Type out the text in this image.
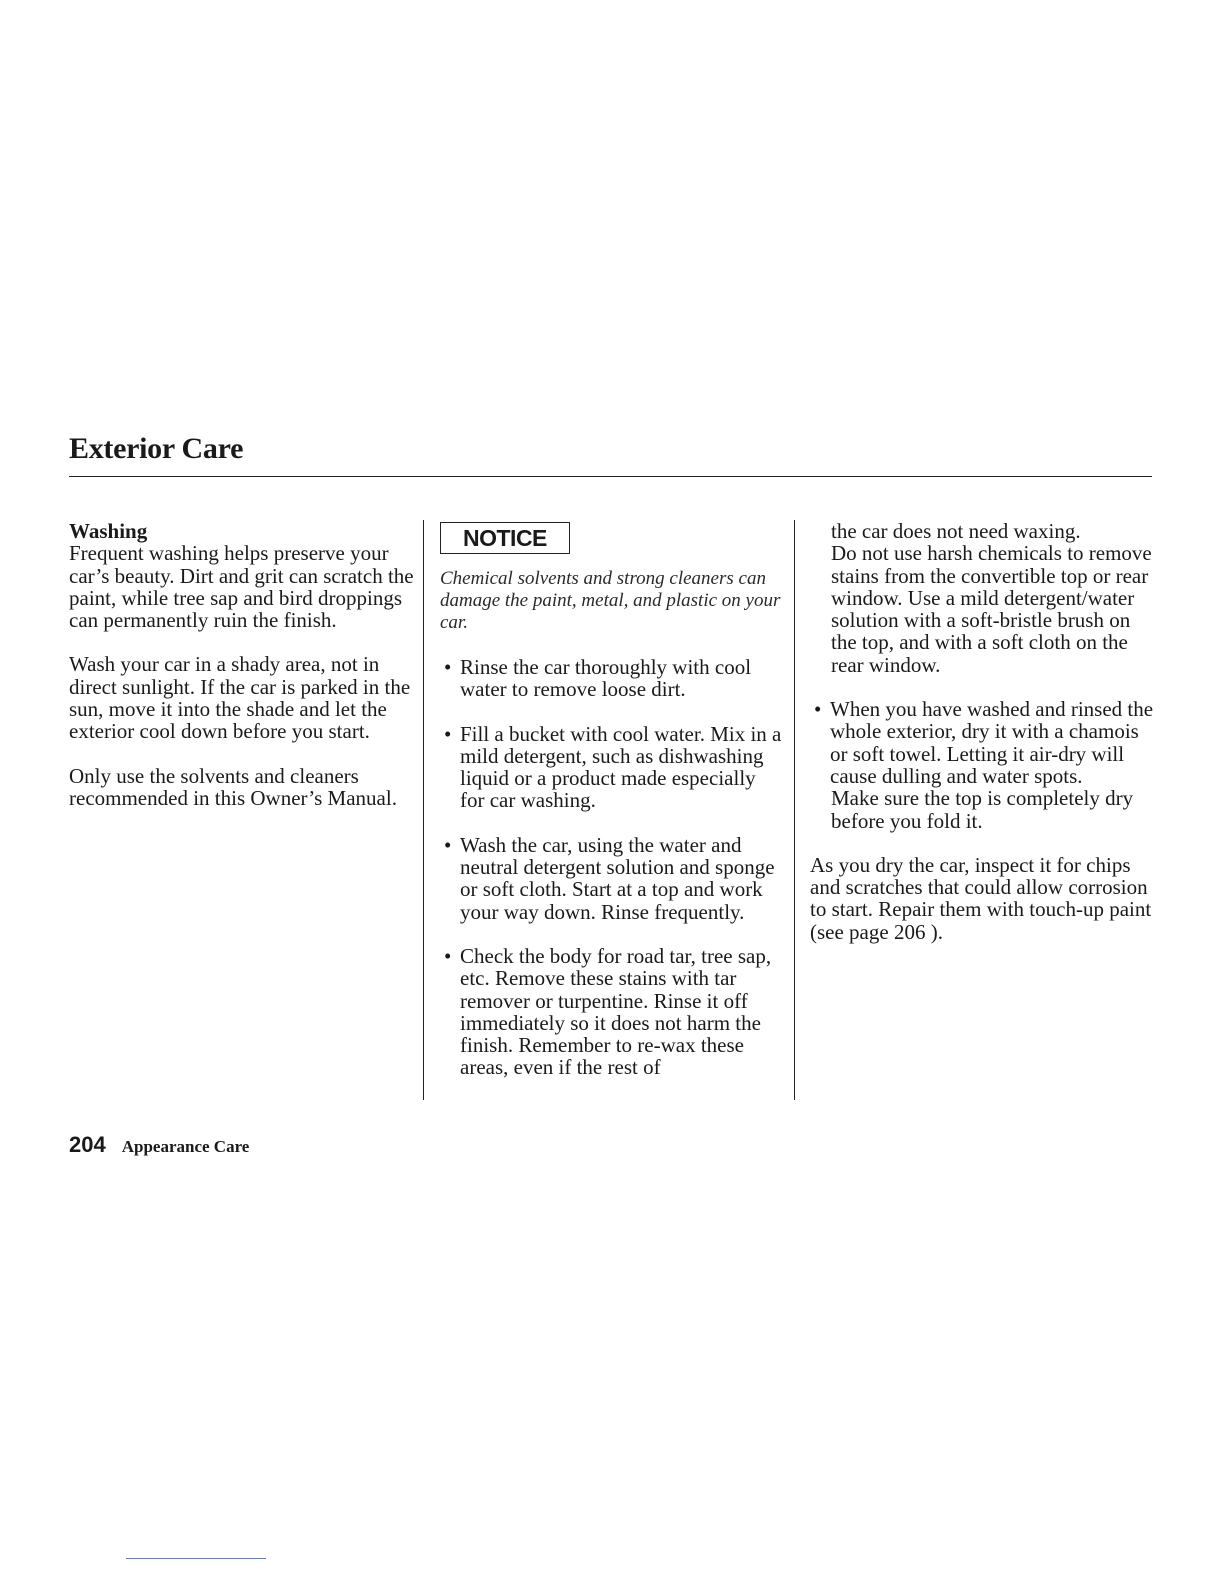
Exterior Care
Washing

Frequent washing helps preserve your car’s beauty. Dirt and grit can scratch the paint, while tree sap and bird droppings can permanently ruin the finish.

Wash your car in a shady area, not in direct sunlight. If the car is parked in the sun, move it into the shade and let the exterior cool down before you start.

Only use the solvents and cleaners recommended in this Owner’s Manual.

NOTICE

Chemical solvents and strong cleaners can damage the paint, metal, and plastic on your car.

• Rinse the car thoroughly with cool water to remove loose dirt.
• Fill a bucket with cool water. Mix in a mild detergent, such as dishwashing liquid or a product made especially for car washing.
• Wash the car, using the water and neutral detergent solution and sponge or soft cloth. Start at a top and work your way down. Rinse frequently.
• Check the body for road tar, tree sap, etc. Remove these stains with tar remover or turpentine. Rinse it off immediately so it does not harm the finish. Remember to re-wax these areas, even if the rest of

the car does not need waxing.

Do not use harsh chemicals to remove stains from the convertible top or rear window. Use a mild detergent/water solution with a soft-bristle brush on the top, and with a soft cloth on the rear window.

• When you have washed and rinsed the whole exterior, dry it with a chamois or soft towel. Letting it air-dry will cause dulling and water spots.

Make sure the top is completely dry before you fold it.

As you dry the car, inspect it for chips and scratches that could allow corrosion to start. Repair them with touch-up paint (see page 206 ).

204 Appearance Care
